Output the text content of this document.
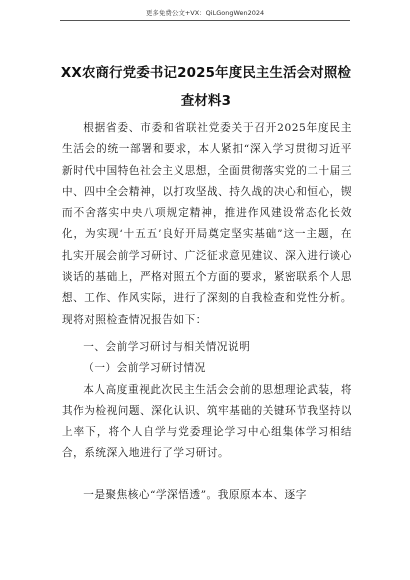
更多免费公文+VX：QiLGongWen2024
XX农商行党委书记2025年度民主生活会对照检查材料3

根据省委、市委和省联社党委关于召开2025年度民主生活会的统一部署和要求，本人紧扣“深入学习贯彻习近平新时代中国特色社会主义思想，全面贯彻落实党的二十届三中、四中全会精神，以打攻坚战、持久战的决心和恒心，锲而不舍落实中央八项规定精神，推进作风建设常态化长效化，为实现‘十五五’良好开局奠定坚实基础”这一主题，在扎实开展会前学习研讨、广泛征求意见建议、深入进行谈心谈话的基础上，严格对照五个方面的要求，紧密联系个人思想、工作、作风实际，进行了深刻的自我检查和党性分析。现将对照检查情况报告如下：

一、会前学习研讨与相关情况说明

（一）会前学习研讨情况

本人高度重视此次民主生活会会前的思想理论武装，将其作为检视问题、深化认识、筑牢基础的关键环节我坚持以上率下，将个人自学与党委理论学习中心组集体学习相结合，系统深入地进行了学习研讨。

一是聚焦核心“学深悟透”。我原原本本、逐字
